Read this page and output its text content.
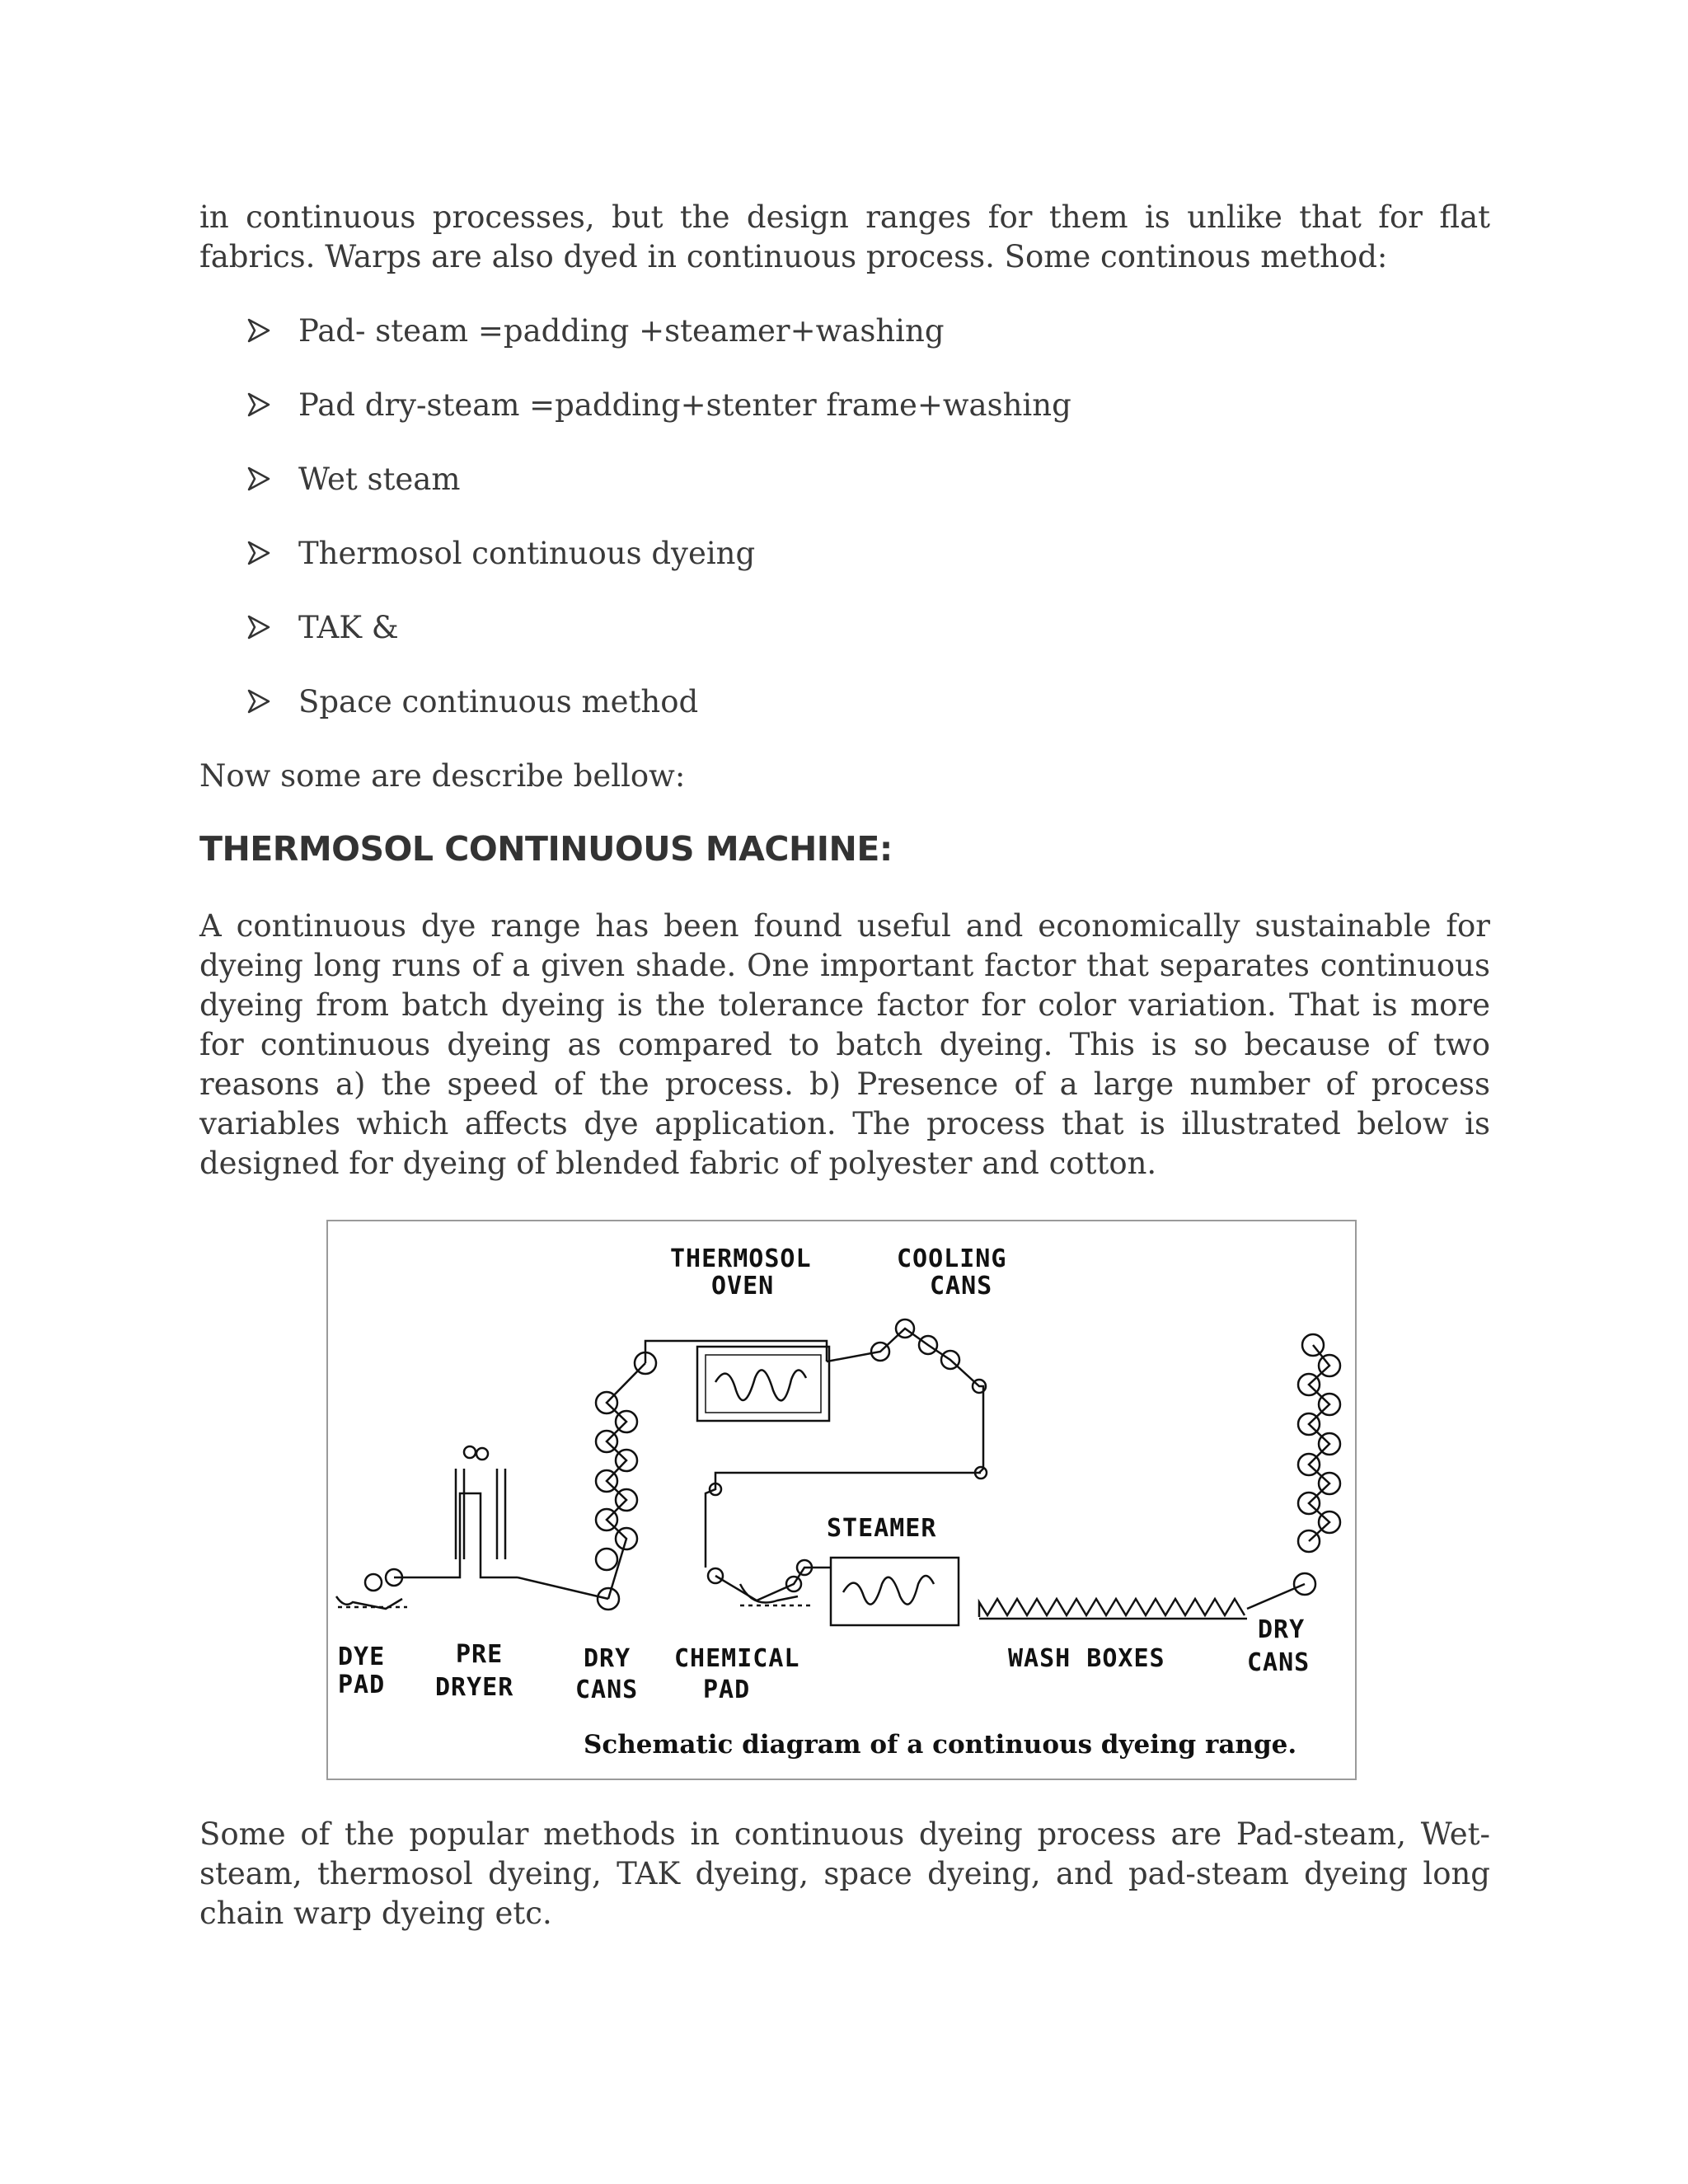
in continuous processes, but the design ranges for them is unlike that for flat fabrics. Warps are also dyed in continuous process. Some continous method:

Pad- steam =padding +steamer+washing
Pad dry-steam =padding+stenter frame+washing
Wet steam
Thermosol continuous dyeing
TAK &
Space continuous method

Now some are describe bellow:

THERMOSOL CONTINUOUS MACHINE:

A continuous dye range has been found useful and economically sustainable for dyeing long runs of a given shade. One important factor that separates continuous dyeing from batch dyeing is the tolerance factor for color variation. That is more for continuous dyeing as compared to batch dyeing. This is so because of two reasons a) the speed of the process. b) Presence of a large number of process variables which affects dye application. The process that is illustrated below is designed for dyeing of blended fabric of polyester and cotton.

THERMOSOL
OVEN
COOLING
CANS
STEAMER
DYE
PAD
PRE
DRYER
DRY
CANS
CHEMICAL
PAD
WASH BOXES
DRY
CANS
Schematic diagram of a continuous dyeing range.

Some of the popular methods in continuous dyeing process are Pad-steam, Wet-steam, thermosol dyeing, TAK dyeing, space dyeing, and pad-steam dyeing long chain warp dyeing etc.
